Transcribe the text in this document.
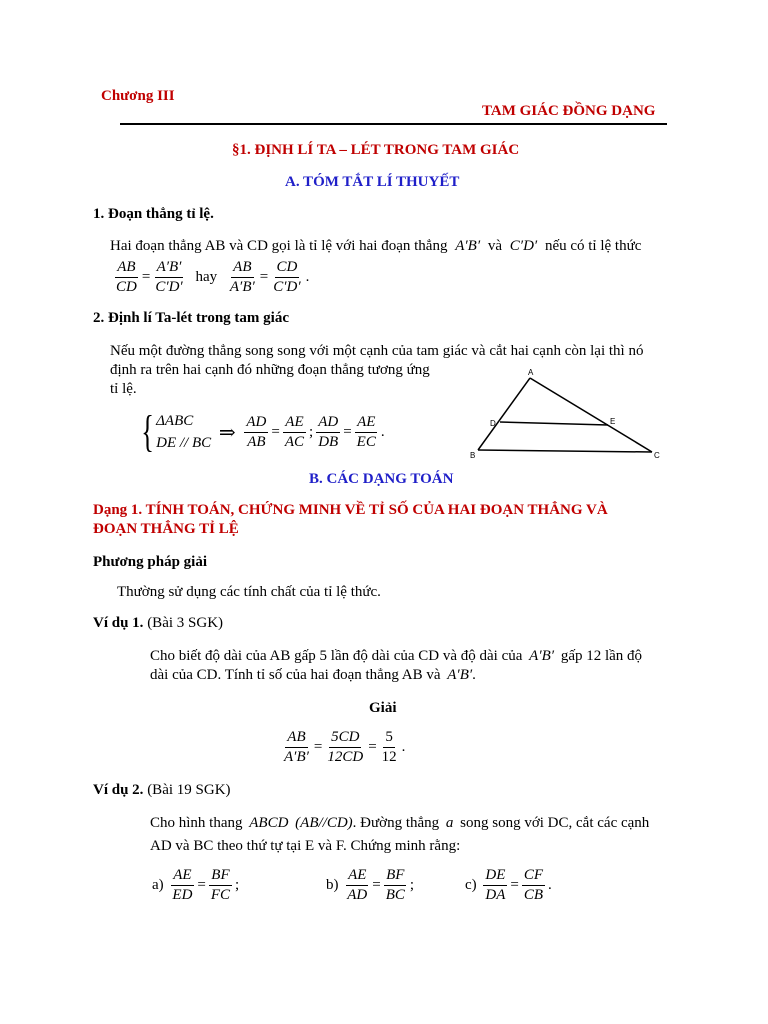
Chương III
TAM GIÁC ĐỒNG DẠNG
§1. ĐỊNH LÍ TA – LÉT TRONG TAM GIÁC
A. TÓM TẮT LÍ THUYẾT
1. Đoạn thẳng tỉ lệ.
Hai đoạn thẳng AB và CD gọi là tỉ lệ với hai đoạn thẳng A′B′ và C′D′ nếu có tỉ lệ thức
$\frac{AB}{CD} = \frac{A'B'}{C'D'}$ hay $\frac{AB}{A'B'} = \frac{CD}{C'D'}$ .
2. Định lí Ta-lét trong tam giác
Nếu một đường thẳng song song với một cạnh của tam giác và cắt hai cạnh còn lại thì nó
định ra trên hai cạnh đó những đoạn thẳng tương ứng
tỉ lệ.
{ ΔABC
DE // BC ⇒ $\frac{AD}{AB} = \frac{AE}{AC}$ ; $\frac{AD}{DB} = \frac{AE}{EC}$ .
A
D	E
B	C
B. CÁC DẠNG TOÁN
Dạng 1. TÍNH TOÁN, CHỨNG MINH VỀ TỈ SỐ CỦA HAI ĐOẠN THẲNG VÀ
ĐOẠN THẲNG TỈ LỆ
Phương pháp giải
Thường sử dụng các tính chất của tỉ lệ thức.
Ví dụ 1. (Bài 3 SGK)
Cho biết độ dài của AB gấp 5 lần độ dài của CD và độ dài của A′B′ gấp 12 lần độ
dài của CD. Tính tỉ số của hai đoạn thẳng AB và A′B′.
Giải
$\frac{AB}{A'B'} = \frac{5CD}{12CD} = \frac{5}{12}$ .
Ví dụ 2. (Bài 19 SGK)
Cho hình thang ABCD (AB//CD). Đường thẳng a song song với DC, cắt các cạnh
AD và BC theo thứ tự tại E và F. Chứng minh rằng:
$a) \frac{AE}{ED} = \frac{BF}{FC}$ ;	$b) \frac{AE}{AD} = \frac{BF}{BC}$ ;	$c) \frac{DE}{DA} = \frac{CF}{CB}$ .
